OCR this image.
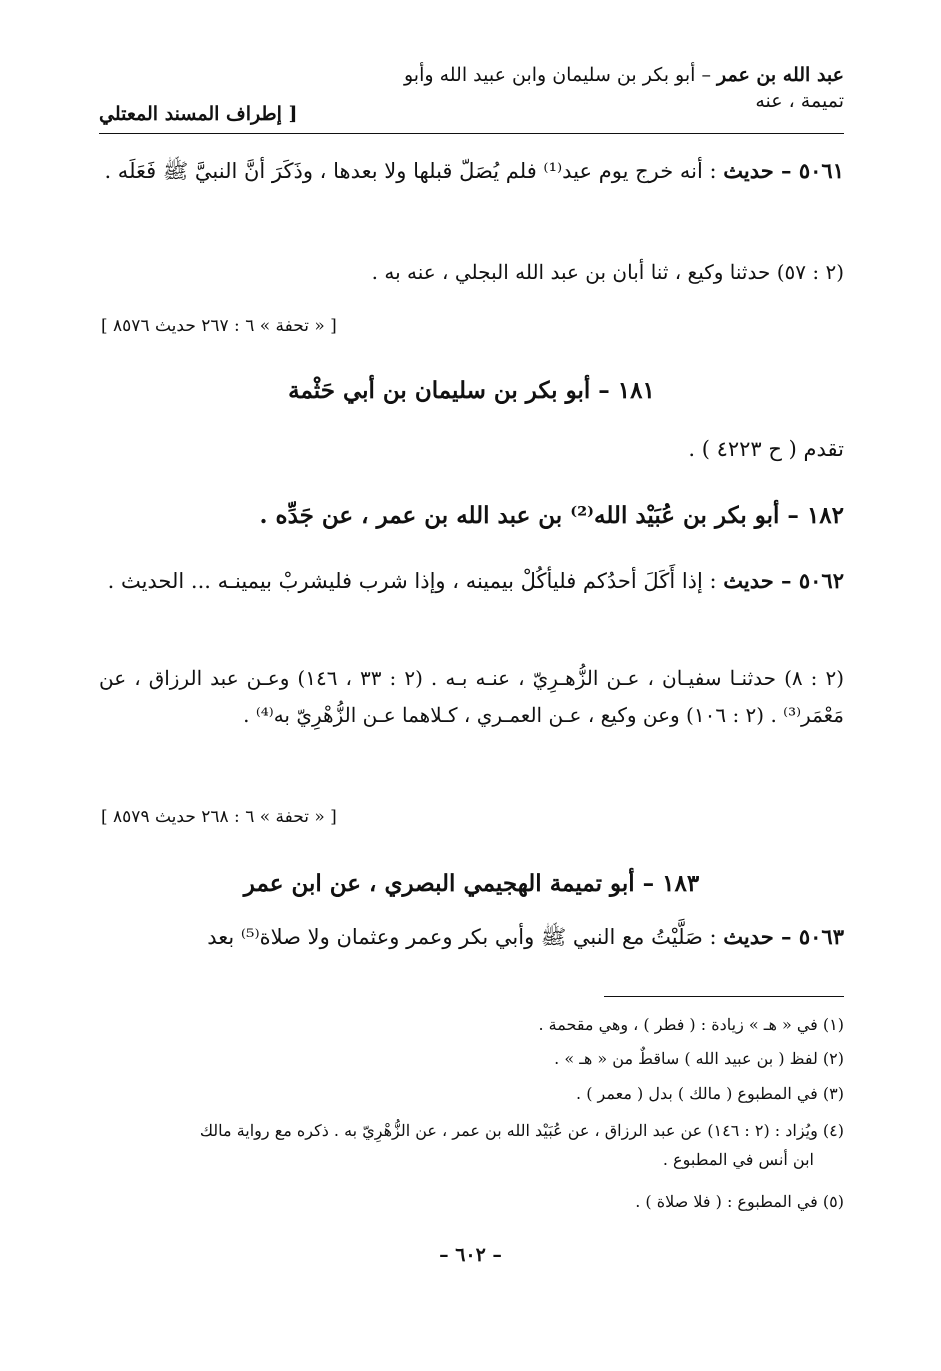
عبد الله بن عمر – أبو بكر بن سليمان وابن عبيد الله وأبو
تميمة ، عنه
[ إطراف المسند المعتلي
٥٠٦١ – حديث : أنه خرج يوم عيد⁽¹⁾ فلم يُصَلّ قبلها ولا بعدها ، وذَكَرَ أنَّ النبيَّ ﷺ فَعَلَه .
(٢ : ٥٧) حدثنا وكيع ، ثنا أبان بن عبد الله البجلي ، عنه به .
[ « تحفة » ٦ : ٢٦٧ حديث ٨٥٧٦ ]
١٨١ – أبو بكر بن سليمان بن أبي حَثْمة
تقدم ( ح ٤٢٢٣ ) .
١٨٢ – أبو بكر بن عُبَيْد الله⁽²⁾ بن عبد الله بن عمر ، عن جَدِّه .
٥٠٦٢ – حديث : إذا أَكَلَ أحدُكم فليأكُلْ بيمينه ، وإذا شرب فليشربْ بيمينـه ... الحديث .
(٢ : ٨) حدثنـا سفيـان ، عـن الزُّهـرِيّ ، عنـه بـه . (٢ : ٣٣ ، ١٤٦) وعـن عبد الرزاق ، عن مَعْمَر⁽³⁾ . (٢ : ١٠٦) وعن وكيع ، عـن العمـري ، كـلاهما عـن الزُّهْرِيّ به⁽⁴⁾ .
[ « تحفة » ٦ : ٢٦٨ حديث ٨٥٧٩ ]
١٨٣ – أبو تميمة الهجيمي البصري ، عن ابن عمر
٥٠٦٣ – حديث : صَلَّيْتُ مع النبي ﷺ وأبي بكر وعمر وعثمان ولا صلاة⁽⁵⁾ بعد
(١) في « هـ » زيادة : ( فطر ) ، وهي مقحمة .
(٢) لفظ ( بن عبيد الله ) ساقطٌ من « هـ » .
(٣) في المطبوع ( مالك ) بدل ( معمر ) .
(٤) ويُزاد : (٢ : ١٤٦) عن عبد الرزاق ، عن عُبَيْد الله بن عمر ، عن الزُّهْرِيّ به . ذكره مع رواية مالك
ابن أنس في المطبوع .
(٥) في المطبوع : ( فلا صلاة ) .
– ٦٠٢ –
